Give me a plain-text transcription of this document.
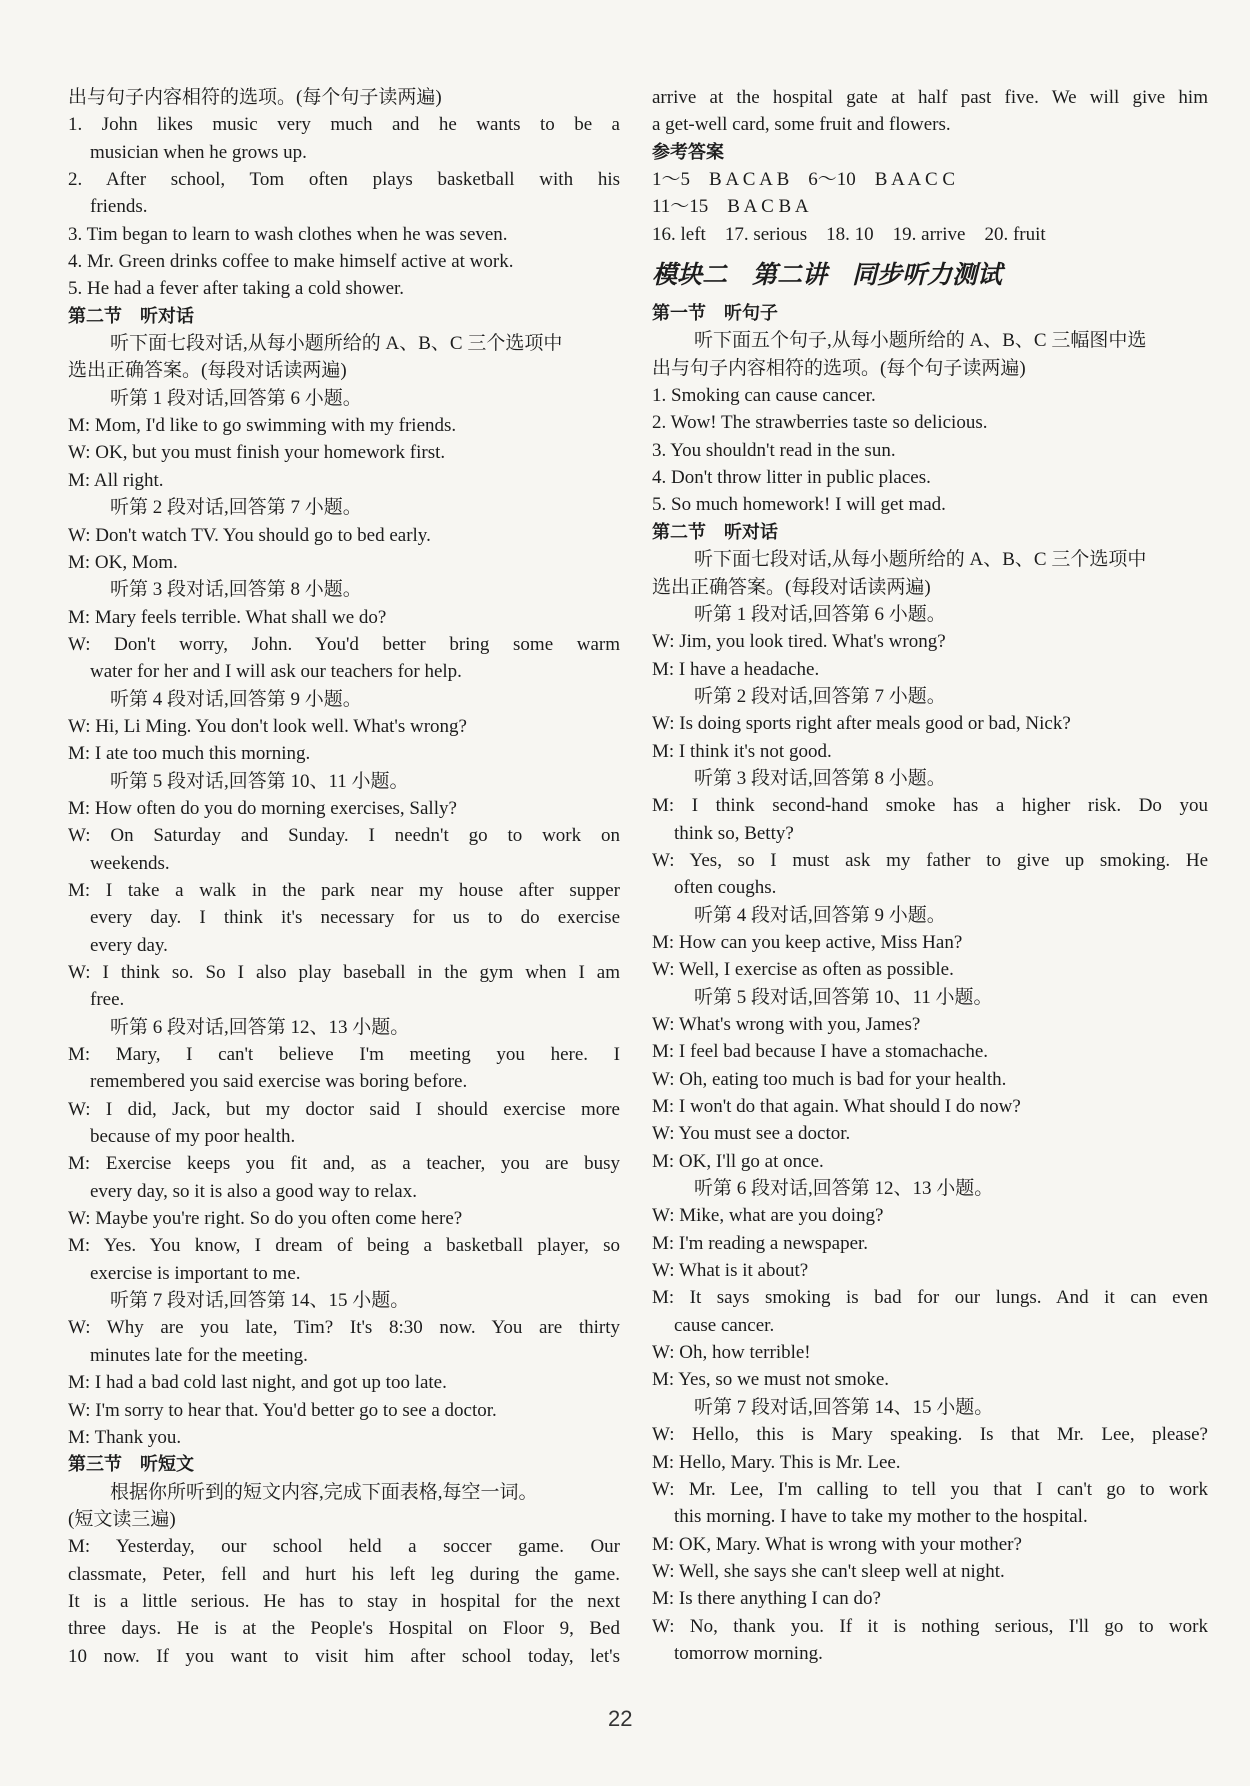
出与句子内容相符的选项。(每个句子读两遍)
1. John likes music very much and he wants to be a
musician when he grows up.
2. After school, Tom often plays basketball with his
friends.
3. Tim began to learn to wash clothes when he was seven.
4. Mr. Green drinks coffee to make himself active at work.
5. He had a fever after taking a cold shower.
第二节　听对话
听下面七段对话,从每小题所给的 A、B、C 三个选项中
选出正确答案。(每段对话读两遍)
听第 1 段对话,回答第 6 小题。
M: Mom, I'd like to go swimming with my friends.
W: OK, but you must finish your homework first.
M: All right.
听第 2 段对话,回答第 7 小题。
W: Don't watch TV. You should go to bed early.
M: OK, Mom.
听第 3 段对话,回答第 8 小题。
M: Mary feels terrible. What shall we do?
W: Don't worry, John. You'd better bring some warm
water for her and I will ask our teachers for help.
听第 4 段对话,回答第 9 小题。
W: Hi, Li Ming. You don't look well. What's wrong?
M: I ate too much this morning.
听第 5 段对话,回答第 10、11 小题。
M: How often do you do morning exercises, Sally?
W: On Saturday and Sunday. I needn't go to work on
weekends.
M: I take a walk in the park near my house after supper
every day. I think it's necessary for us to do exercise
every day.
W: I think so. So I also play baseball in the gym when I am
free.
听第 6 段对话,回答第 12、13 小题。
M: Mary, I can't believe I'm meeting you here. I
remembered you said exercise was boring before.
W: I did, Jack, but my doctor said I should exercise more
because of my poor health.
M: Exercise keeps you fit and, as a teacher, you are busy
every day, so it is also a good way to relax.
W: Maybe you're right. So do you often come here?
M: Yes. You know, I dream of being a basketball player, so
exercise is important to me.
听第 7 段对话,回答第 14、15 小题。
W: Why are you late, Tim? It's 8:30 now. You are thirty
minutes late for the meeting.
M: I had a bad cold last night, and got up too late.
W: I'm sorry to hear that. You'd better go to see a doctor.
M: Thank you.
第三节　听短文
根据你所听到的短文内容,完成下面表格,每空一词。
(短文读三遍)
M: Yesterday, our school held a soccer game. Our
classmate, Peter, fell and hurt his left leg during the game.
It is a little serious. He has to stay in hospital for the next
three days. He is at the People's Hospital on Floor 9, Bed
10 now. If you want to visit him after school today, let's
arrive at the hospital gate at half past five. We will give him
a get-well card, some fruit and flowers.
参考答案
1～5　B A C A B　6～10　B A A C C
11～15　B A C B A
16. left　17. serious　18. 10　19. arrive　20. fruit
模块二　第二讲　同步听力测试
第一节　听句子
听下面五个句子,从每小题所给的 A、B、C 三幅图中选
出与句子内容相符的选项。(每个句子读两遍)
1. Smoking can cause cancer.
2. Wow! The strawberries taste so delicious.
3. You shouldn't read in the sun.
4. Don't throw litter in public places.
5. So much homework! I will get mad.
第二节　听对话
听下面七段对话,从每小题所给的 A、B、C 三个选项中
选出正确答案。(每段对话读两遍)
听第 1 段对话,回答第 6 小题。
W: Jim, you look tired. What's wrong?
M: I have a headache.
听第 2 段对话,回答第 7 小题。
W: Is doing sports right after meals good or bad, Nick?
M: I think it's not good.
听第 3 段对话,回答第 8 小题。
M: I think second-hand smoke has a higher risk. Do you
think so, Betty?
W: Yes, so I must ask my father to give up smoking. He
often coughs.
听第 4 段对话,回答第 9 小题。
M: How can you keep active, Miss Han?
W: Well, I exercise as often as possible.
听第 5 段对话,回答第 10、11 小题。
W: What's wrong with you, James?
M: I feel bad because I have a stomachache.
W: Oh, eating too much is bad for your health.
M: I won't do that again. What should I do now?
W: You must see a doctor.
M: OK, I'll go at once.
听第 6 段对话,回答第 12、13 小题。
W: Mike, what are you doing?
M: I'm reading a newspaper.
W: What is it about?
M: It says smoking is bad for our lungs. And it can even
cause cancer.
W: Oh, how terrible!
M: Yes, so we must not smoke.
听第 7 段对话,回答第 14、15 小题。
W: Hello, this is Mary speaking. Is that Mr. Lee, please?
M: Hello, Mary. This is Mr. Lee.
W: Mr. Lee, I'm calling to tell you that I can't go to work
this morning. I have to take my mother to the hospital.
M: OK, Mary. What is wrong with your mother?
W: Well, she says she can't sleep well at night.
M: Is there anything I can do?
W: No, thank you. If it is nothing serious, I'll go to work
tomorrow morning.
22
